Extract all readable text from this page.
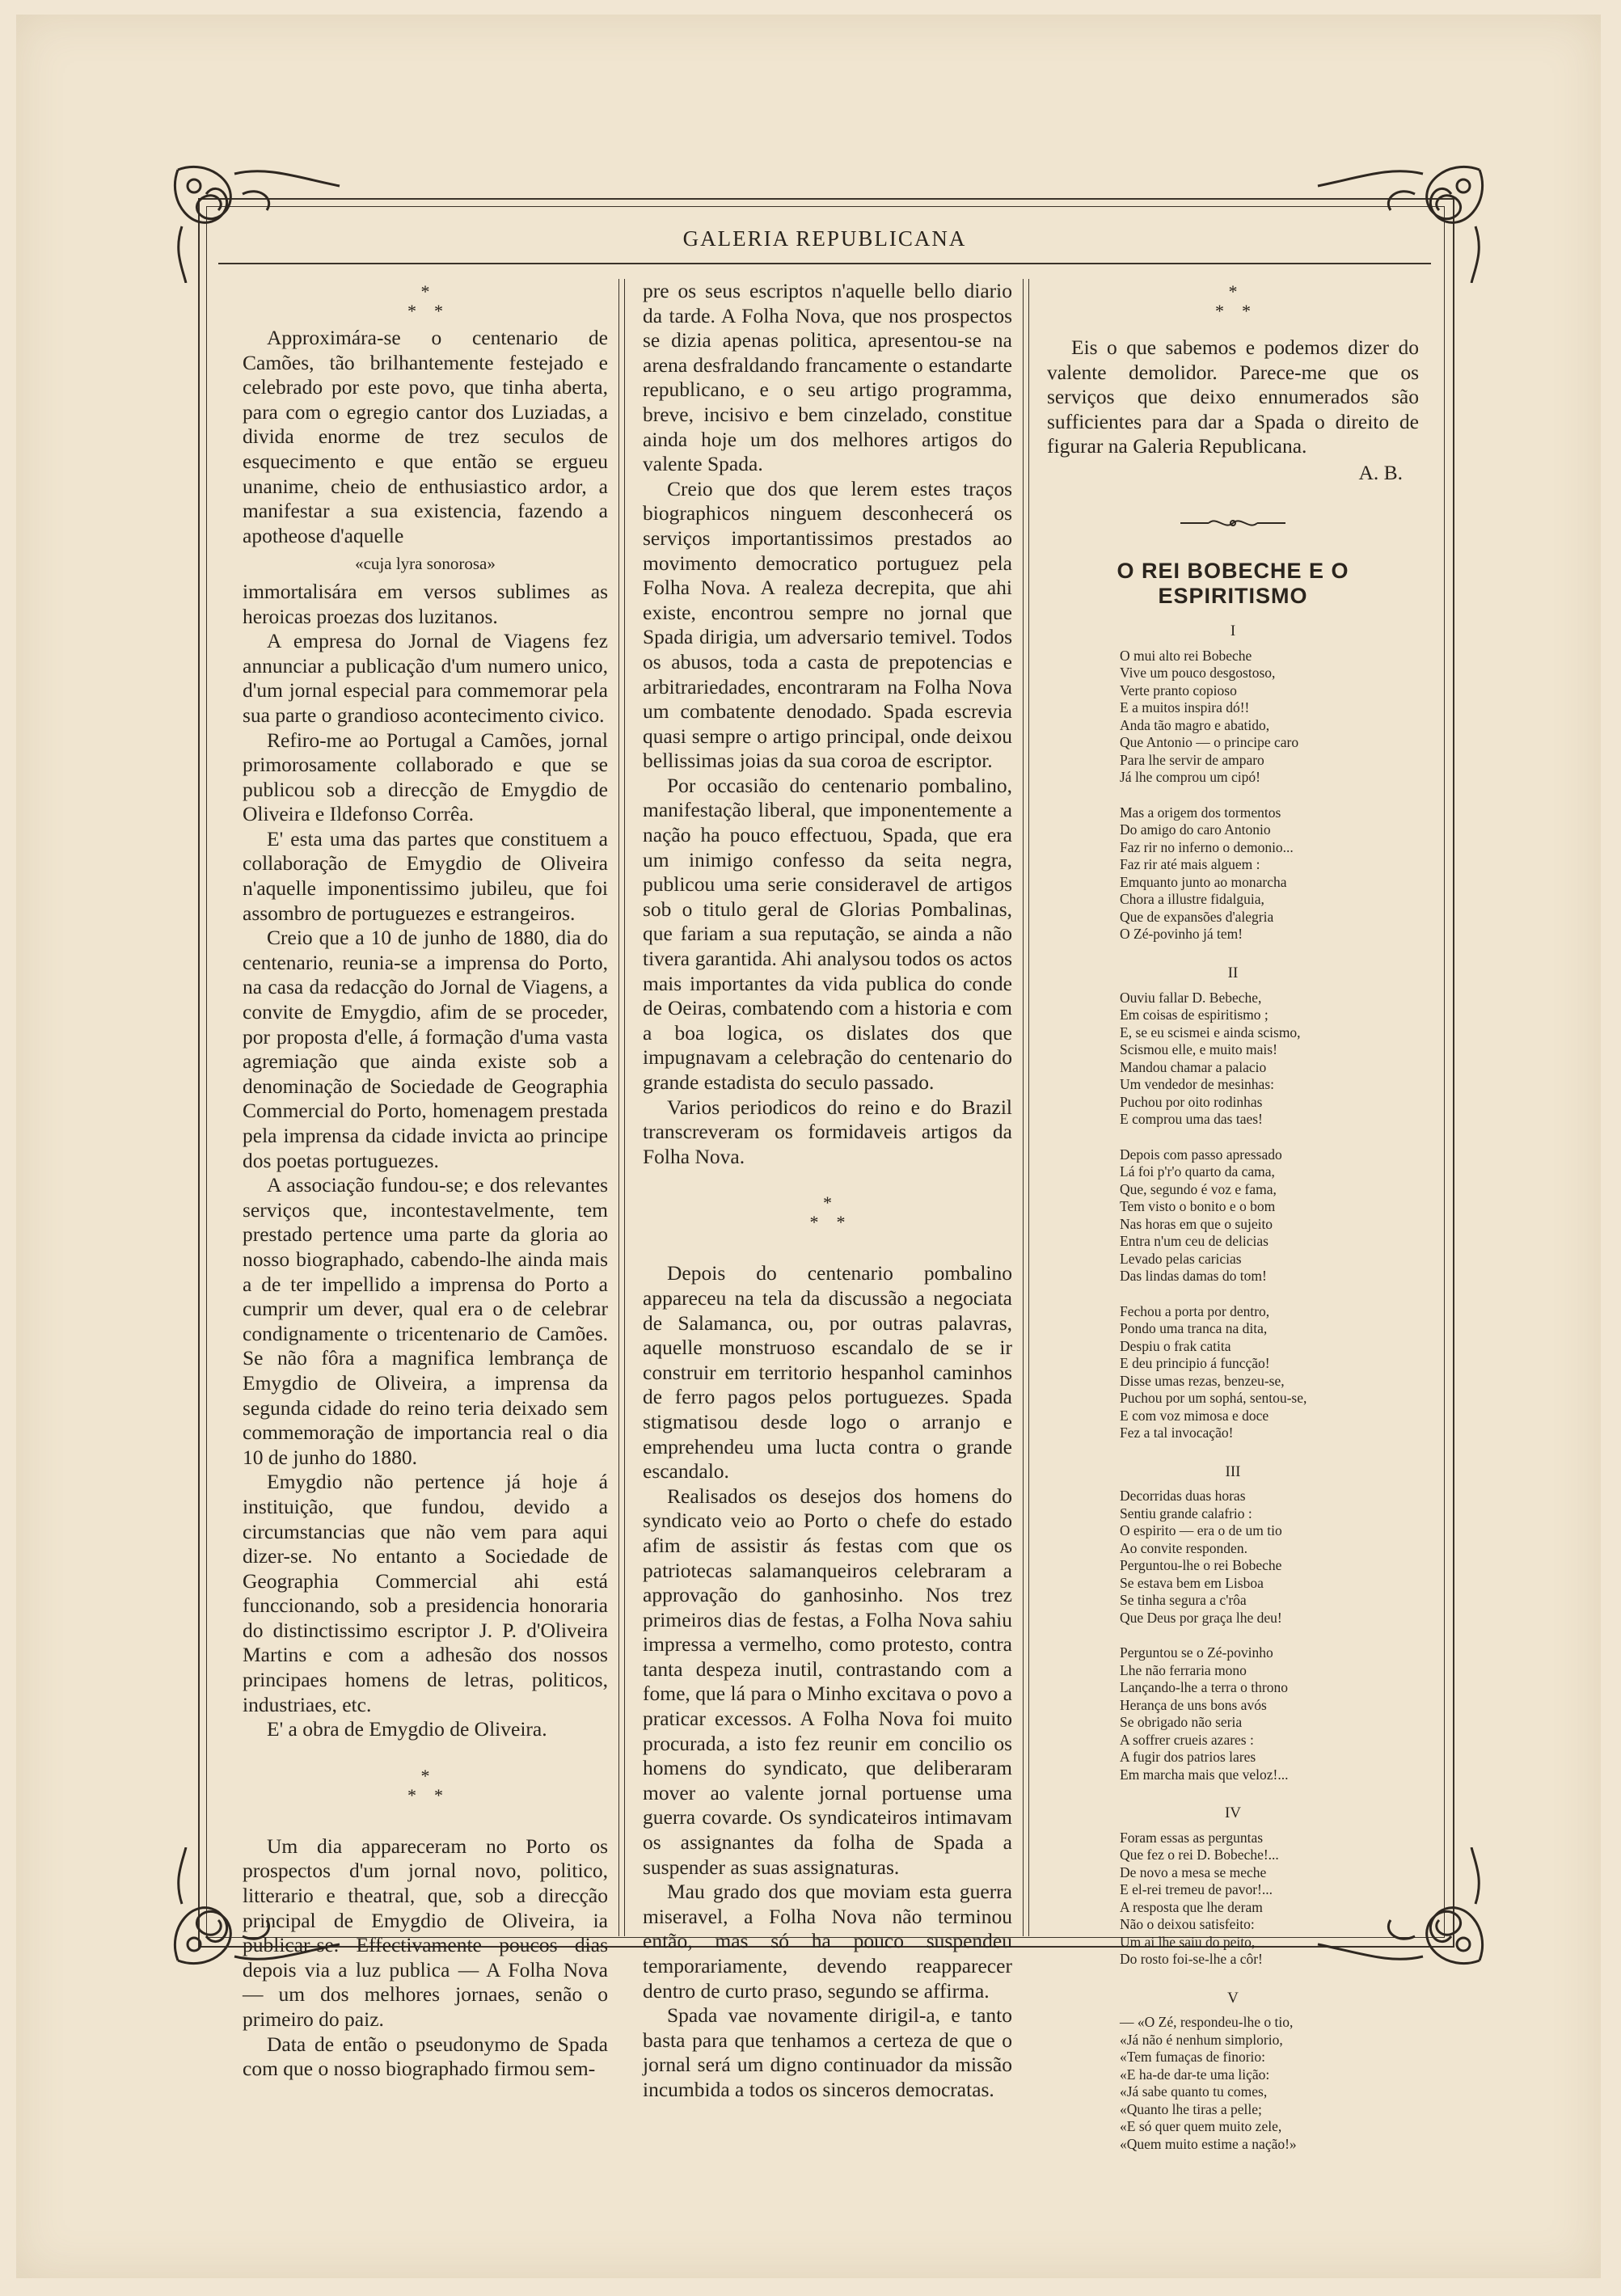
GALERIA REPUBLICANA
*
*    *

Approximára-se o centenario de Camões, tão brilhantemente festejado e celebrado por este povo, que tinha aberta, para com o egregio cantor dos Luziadas, a divida enorme de trez seculos de esquecimento e que então se ergueu unanime, cheio de enthusiastico ardor, a manifestar a sua existencia, fazendo a apotheose d'aquelle

«cuja lyra sonorosa»

immortalisára em versos sublimes as heroicas proezas dos luzitanos.

A empresa do Jornal de Viagens fez annunciar a publicação d'um numero unico, d'um jornal especial para commemorar pela sua parte o grandioso acontecimento civico.

Refiro-me ao Portugal a Camões, jornal primorosamente collaborado e que se publicou sob a direcção de Emygdio de Oliveira e Ildefonso Corrêa.

E' esta uma das partes que constituem a collaboração de Emygdio de Oliveira n'aquelle imponentissimo jubileu, que foi assombro de portuguezes e estrangeiros.

Creio que a 10 de junho de 1880, dia do centenario, reunia-se a imprensa do Porto, na casa da redacção do Jornal de Viagens, a convite de Emygdio, afim de se proceder, por proposta d'elle, á formação d'uma vasta agremiação que ainda existe sob a denominação de Sociedade de Geographia Commercial do Porto, homenagem prestada pela imprensa da cidade invicta ao principe dos poetas portuguezes.

A associação fundou-se; e dos relevantes serviços que, incontestavelmente, tem prestado pertence uma parte da gloria ao nosso biographado, cabendo-lhe ainda mais a de ter impellido a imprensa do Porto a cumprir um dever, qual era o de celebrar condignamente o tricentenario de Camões. Se não fôra a magnifica lembrança de Emygdio de Oliveira, a imprensa da segunda cidade do reino teria deixado sem commemoração de importancia real o dia 10 de junho do 1880.

Emygdio não pertence já hoje á instituição, que fundou, devido a circumstancias que não vem para aqui dizer-se. No entanto a Sociedade de Geographia Commercial ahi está funccionando, sob a presidencia honoraria do distinctissimo escriptor J. P. d'Oliveira Martins e com a adhesão dos nossos principaes homens de letras, politicos, industriaes, etc.

E' a obra de Emygdio de Oliveira.

*
*    *

Um dia appareceram no Porto os prospectos d'um jornal novo, politico, litterario e theatral, que, sob a direcção principal de Emygdio de Oliveira, ia publicar-se. Effectivamente poucos dias depois via a luz publica — A Folha Nova — um dos melhores jornaes, senão o primeiro do paiz.

Data de então o pseudonymo de Spada com que o nosso biographado firmou sem-

pre os seus escriptos n'aquelle bello diario da tarde. A Folha Nova, que nos prospectos se dizia apenas politica, apresentou-se na arena desfraldando francamente o estandarte republicano, e o seu artigo programma, breve, incisivo e bem cinzelado, constitue ainda hoje um dos melhores artigos do valente Spada.

Creio que dos que lerem estes traços biographicos ninguem desconhecerá os serviços importantissimos prestados ao movimento democratico portuguez pela Folha Nova. A realeza decrepita, que ahi existe, encontrou sempre no jornal que Spada dirigia, um adversario temivel. Todos os abusos, toda a casta de prepotencias e arbitrariedades, encontraram na Folha Nova um combatente denodado. Spada escrevia quasi sempre o artigo principal, onde deixou bellissimas joias da sua coroa de escriptor.

Por occasião do centenario pombalino, manifestação liberal, que imponentemente a nação ha pouco effectuou, Spada, que era um inimigo confesso da seita negra, publicou uma serie consideravel de artigos sob o titulo geral de Glorias Pombalinas, que fariam a sua reputação, se ainda a não tivera garantida. Ahi analysou todos os actos mais importantes da vida publica do conde de Oeiras, combatendo com a historia e com a boa logica, os dislates dos que impugnavam a celebração do centenario do grande estadista do seculo passado.

Varios periodicos do reino e do Brazil transcreveram os formidaveis artigos da Folha Nova.

*
*    *

Depois do centenario pombalino appareceu na tela da discussão a negociata de Salamanca, ou, por outras palavras, aquelle monstruoso escandalo de se ir construir em territorio hespanhol caminhos de ferro pagos pelos portuguezes. Spada stigmatisou desde logo o arranjo e emprehendeu uma lucta contra o grande escandalo.

Realisados os desejos dos homens do syndicato veio ao Porto o chefe do estado afim de assistir ás festas com que os patriotecas salamanqueiros celebraram a approvação do ganhosinho. Nos trez primeiros dias de festas, a Folha Nova sahiu impressa a vermelho, como protesto, contra tanta despeza inutil, contrastando com a fome, que lá para o Minho excitava o povo a praticar excessos. A Folha Nova foi muito procurada, a isto fez reunir em concilio os homens do syndicato, que deliberaram mover ao valente jornal portuense uma guerra covarde. Os syndicateiros intimavam os assignantes da folha de Spada a suspender as suas assignaturas.

Mau grado dos que moviam esta guerra miseravel, a Folha Nova não terminou então, mas só ha pouco suspendeu temporariamente, devendo reapparecer dentro de curto praso, segundo se affirma.

Spada vae novamente dirigil-a, e tanto basta para que tenhamos a certeza de que o jornal será um digno continuador da missão incumbida a todos os sinceros democratas.

*
*    *

Eis o que sabemos e podemos dizer do valente demolidor. Parece-me que os serviços que deixo ennumerados são sufficientes para dar a Spada o direito de figurar na Galeria Republicana.

A. B.
O REI BOBECHE E O ESPIRITISMO
I
O mui alto rei Bobeche
Vive um pouco desgostoso,
Verte pranto copioso
E a muitos inspira dó!!
Anda tão magro e abatido,
Que Antonio — o principe caro
Para lhe servir de amparo
Já lhe comprou um cipó!
Mas a origem dos tormentos
Do amigo do caro Antonio
Faz rir no inferno o demonio...
Faz rir até mais alguem :
Emquanto junto ao monarcha
Chora a illustre fidalguia,
Que de expansões d'alegria
O Zé-povinho já tem!
II
Ouviu fallar D. Bebeche,
Em coisas de espiritismo ;
E, se eu scismei e ainda scismo,
Scismou elle, e muito mais!
Mandou chamar a palacio
Um vendedor de mesinhas:
Puchou por oito rodinhas
E comprou uma das taes!
Depois com passo apressado
Lá foi p'r'o quarto da cama,
Que, segundo é voz e fama,
Tem visto o bonito e o bom
Nas horas em que o sujeito
Entra n'um ceu de delicias
Levado pelas caricias
Das lindas damas do tom!
Fechou a porta por dentro,
Pondo uma tranca na dita,
Despiu o frak catita
E deu principio á funcção!
Disse umas rezas, benzeu-se,
Puchou por um sophá, sentou-se,
E com voz mimosa e doce
Fez a tal invocação!
III
Decorridas duas horas
Sentiu grande calafrio :
O espirito — era o de um tio
Ao convite responden.
Perguntou-lhe o rei Bobeche
Se estava bem em Lisboa
Se tinha segura a c'rôa
Que Deus por graça lhe deu!
Perguntou se o Zé-povinho
Lhe não ferraria mono
Lançando-lhe a terra o throno
Herança de uns bons avós
Se obrigado não seria
A soffrer crueis azares :
A fugir dos patrios lares
Em marcha mais que veloz!...
IV
Foram essas as perguntas
Que fez o rei D. Bobeche!...
De novo a mesa se meche
E el-rei tremeu de pavor!...
A resposta que lhe deram
Não o deixou satisfeito:
Um ai lhe saiu do peito,
Do rosto foi-se-lhe a côr!
V
— «O Zé, respondeu-lhe o tio,
«Já não é nenhum simplorio,
«Tem fumaças de finorio:
«E ha-de dar-te uma lição:
«Já sabe quanto tu comes,
«Quanto lhe tiras a pelle;
«E só quer quem muito zele,
«Quem muito estime a nação!»
